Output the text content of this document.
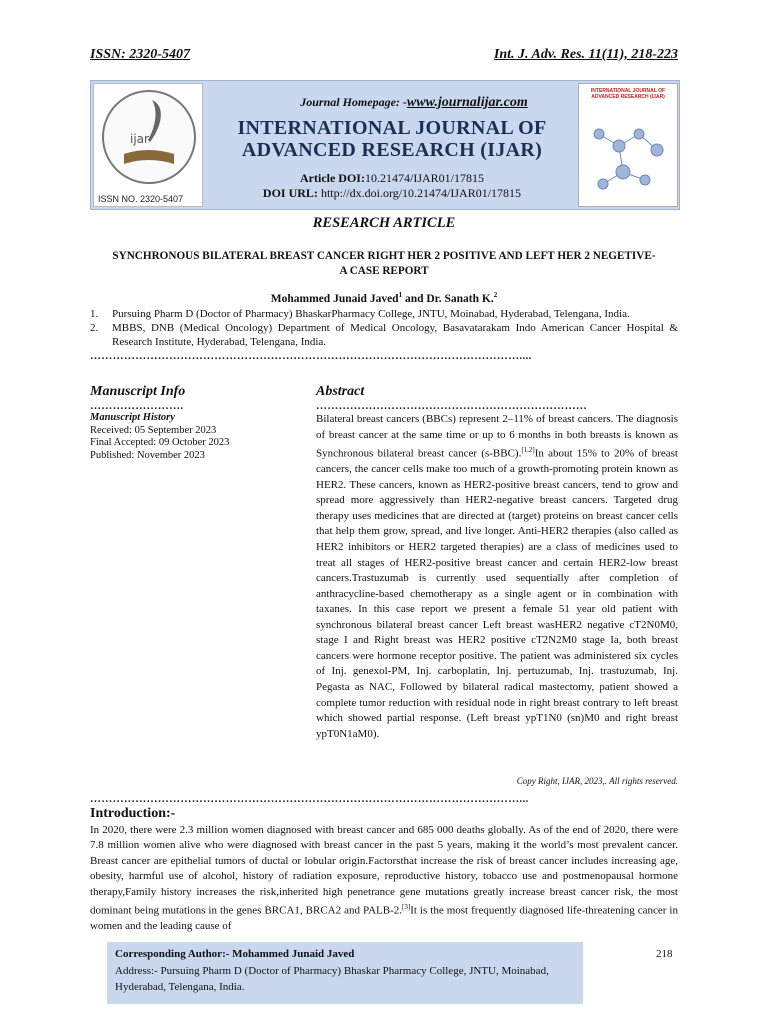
ISSN: 2320-5407	Int. J. Adv. Res. 11(11), 218-223
ijar
ISSN NO. 2320-5407
Journal Homepage: -www.journalijar.com
INTERNATIONAL JOURNAL OF ADVANCED RESEARCH (IJAR)
Article DOI:10.21474/IJAR01/17815
DOI URL: http://dx.doi.org/10.21474/IJAR01/17815
INTERNATIONAL JOURNAL OF ADVANCED RESEARCH (IJAR)
RESEARCH ARTICLE
SYNCHRONOUS BILATERAL BREAST CANCER RIGHT HER 2 POSITIVE AND LEFT HER 2 NEGETIVE- A CASE REPORT
Mohammed Junaid Javed$^1$ and Dr. Sanath K.$^2$
1.	Pursuing Pharm D (Doctor of Pharmacy) BhaskarPharmacy College, JNTU, Moinabad, Hyderabad, Telengana, India.
2.	MBBS, DNB (Medical Oncology) Department of Medical Oncology, Basavatarakam Indo American Cancer Hospital & Research Institute, Hyderabad, Telengana, India.
……………………………………………………………………………………………………....
Manuscript Info
…………………….
Manuscript History
Received: 05 September 2023
Final Accepted: 09 October 2023
Published: November 2023
Abstract
………………………………………………………………
Bilateral breast cancers (BBCs) represent 2–11% of breast cancers. The diagnosis of breast cancer at the same time or up to 6 months in both breasts is known as Synchronous bilateral breast cancer (s-BBC).[1,2]In about 15% to 20% of breast cancers, the cancer cells make too much of a growth-promoting protein known as HER2. These cancers, known as HER2-positive breast cancers, tend to grow and spread more aggressively than HER2-negative breast cancers. Targeted drug therapy uses medicines that are directed at (target) proteins on breast cancer cells that help them grow, spread, and live longer. Anti-HER2 therapies (also called as HER2 inhibitors or HER2 targeted therapies) are a class of medicines used to treat all stages of HER2-positive breast cancer and certain HER2-low breast cancers.Trastuzumab is currently used sequentially after completion of anthracycline-based chemotherapy as a single agent or in combination with taxanes. In this case report we present a female 51 year old patient with synchronous bilateral breast cancer Left breast wasHER2 negative cT2N0M0, stage I and Right breast was HER2 positive cT2N2M0 stage Ia, both breast cancers were hormone receptor positive. The patient was administered six cycles of Inj. genexol-PM, Inj. carboplatin, Inj. pertuzumab, Inj. trastuzumab, Inj. Pegasta as NAC, Followed by bilateral radical mastectomy, patient showed a complete tumor reduction with residual node in right breast contrary to left breast which showed partial response. (Left breast ypT1N0 (sn)M0 and right breast ypT0N1aM0).
Copy Right, IJAR, 2023,. All rights reserved.
……………………………………………………………………………………………………...
Introduction:-
In 2020, there were 2.3 million women diagnosed with breast cancer and 685 000 deaths globally. As of the end of 2020, there were 7.8 million women alive who were diagnosed with breast cancer in the past 5 years, making it the world’s most prevalent cancer. Breast cancer are epithelial tumors of ductal or lobular origin.Factorsthat increase the risk of breast cancer includes increasing age, obesity, harmful use of alcohol, history of radiation exposure, reproductive history, tobacco use and postmenopausal hormone therapy,Family history increases the risk,inherited high penetrance gene mutations greatly increase breast cancer risk, the most dominant being mutations in the genes BRCA1, BRCA2 and PALB-2.[3]It is the most frequently diagnosed life-threatening cancer in women and the leading cause of
Corresponding Author:- Mohammed Junaid Javed
Address:- Pursuing Pharm D (Doctor of Pharmacy) Bhaskar Pharmacy College, JNTU, Moinabad, Hyderabad, Telengana, India.
218
